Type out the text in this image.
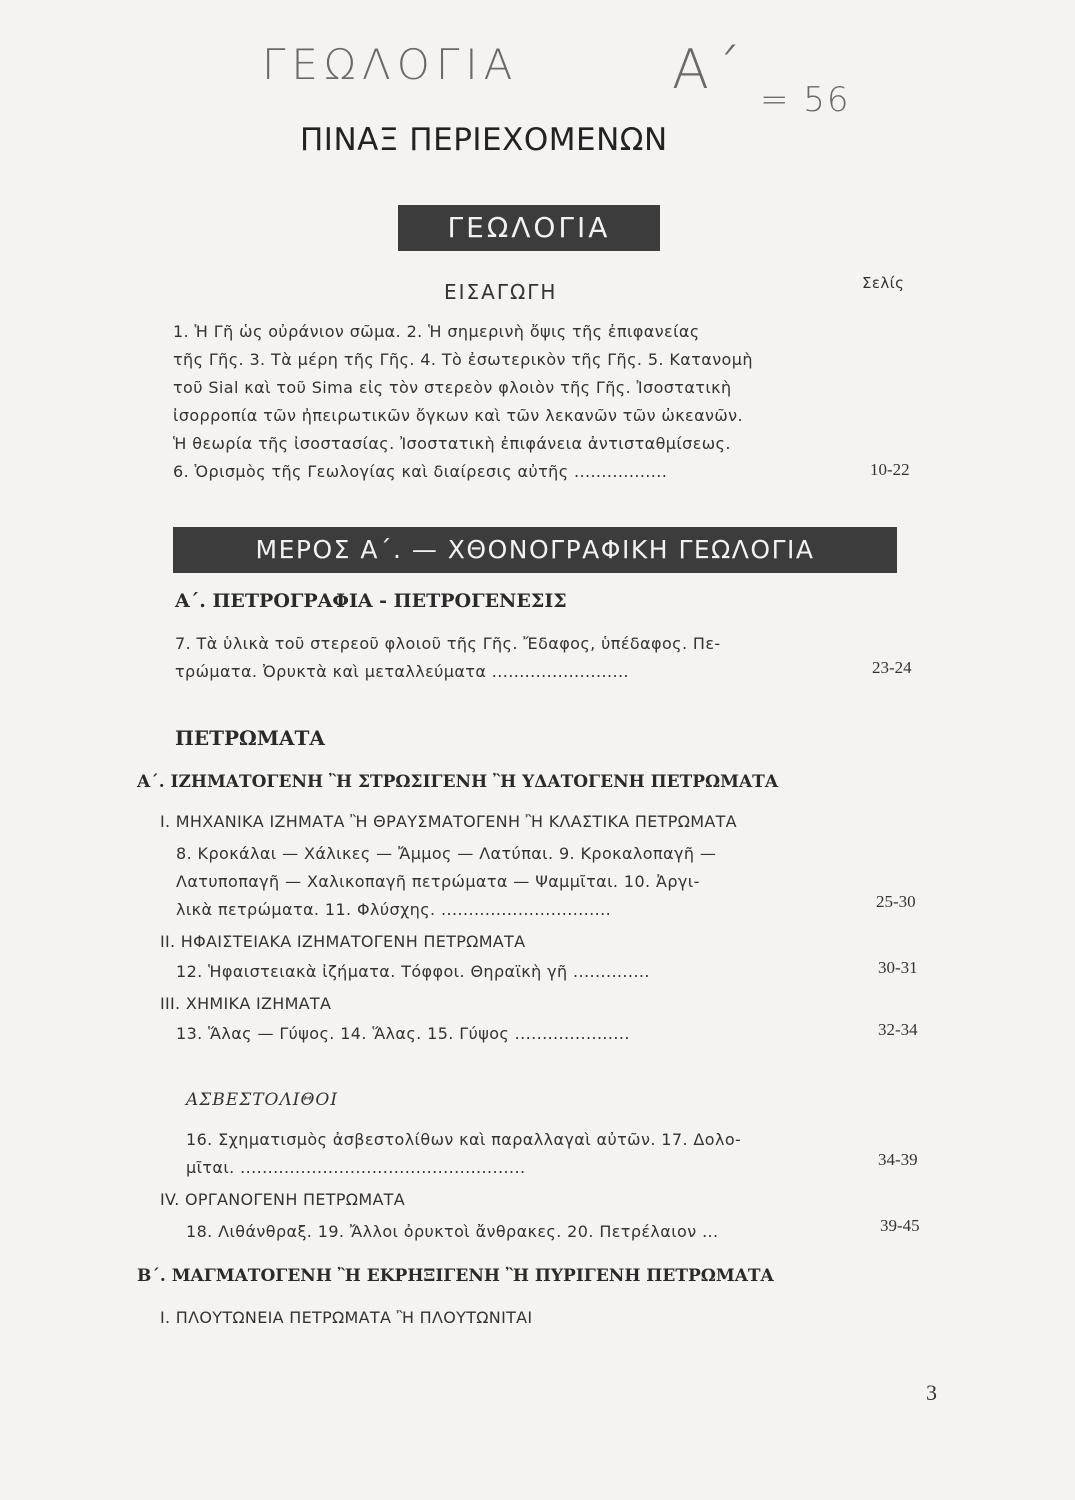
ΓΕΩΛΟΓΙΑ	Α΄ = 56
ΠΙΝΑΞ ΠΕΡΙΕΧΟΜΕΝΩΝ
ΓΕΩΛΟΓΙΑ
ΕΙΣΑΓΩΓΗ	Σελίς
1. Ἡ Γῆ ὡς οὐράνιον σῶμα. 2. Ἡ σημερινὴ ὄψις τῆς ἐπιφανείας
τῆς Γῆς. 3. Τὰ μέρη τῆς Γῆς. 4. Τὸ ἐσωτερικὸν τῆς Γῆς. 5. Κατανομὴ
τοῦ Sial καὶ τοῦ Sima εἰς τὸν στερεὸν φλοιὸν τῆς Γῆς. Ἰσοστατικὴ
ἰσορροπία τῶν ἠπειρωτικῶν ὄγκων καὶ τῶν λεκανῶν τῶν ὠκεανῶν.
Ἡ θεωρία τῆς ἰσοστασίας. Ἰσοστατικὴ ἐπιφάνεια ἀντισταθμίσεως.
6. Ὁρισμὸς τῆς Γεωλογίας καὶ διαίρεσις αὐτῆς .................	10-22
ΜΕΡΟΣ Α΄. — ΧΘΟΝΟΓΡΑΦΙΚΗ ΓΕΩΛΟΓΙΑ
Α΄. ΠΕΤΡΟΓΡΑΦΙΑ - ΠΕΤΡΟΓΕΝΕΣΙΣ
7. Τὰ ὑλικὰ τοῦ στερεοῦ φλοιοῦ τῆς Γῆς. Ἔδαφος, ὑπέδαφος. Πε-
τρώματα. Ὀρυκτὰ καὶ μεταλλεύματα .........................	23-24
ΠΕΤΡΩΜΑΤΑ
Α΄. ΙΖΗΜΑΤΟΓΕΝΗ Ἢ ΣΤΡΩΣΙΓΕΝΗ Ἢ ΥΔΑΤΟΓΕΝΗ ΠΕΤΡΩΜΑΤΑ
Ι. ΜΗΧΑΝΙΚΑ ΙΖΗΜΑΤΑ Ἢ ΘΡΑΥΣΜΑΤΟΓΕΝΗ Ἢ ΚΛΑΣΤΙΚΑ ΠΕΤΡΩΜΑΤΑ
8. Κροκάλαι — Χάλικες — Ἄμμος — Λατύπαι. 9. Κροκαλοπαγῆ —
Λατυποπαγῆ — Χαλικοπαγῆ πετρώματα — Ψαμμῖται. 10. Ἀργι-
λικὰ πετρώματα. 11. Φλύσχης. ...............................	25-30
ΙΙ. ΗΦΑΙΣΤΕΙΑΚΑ ΙΖΗΜΑΤΟΓΕΝΗ ΠΕΤΡΩΜΑΤΑ
12. Ἡφαιστειακὰ ἰζήματα. Τόφφοι. Θηραϊκὴ γῆ ..............	30-31
ΙΙΙ. ΧΗΜΙΚΑ ΙΖΗΜΑΤΑ
13. Ἅλας — Γύψος. 14. Ἅλας. 15. Γύψος .....................	32-34
ΑΣΒΕΣΤΟΛΙΘΟΙ
16. Σχηματισμὸς ἀσβεστολίθων καὶ παραλλαγαὶ αὐτῶν. 17. Δολο-
μῖται. ....................................................	34-39
IV. ΟΡΓΑΝΟΓΕΝΗ ΠΕΤΡΩΜΑΤΑ
18. Λιθάνθραξ. 19. Ἄλλοι ὀρυκτοὶ ἄνθρακες. 20. Πετρέλαιον ...	39-45
Β΄. ΜΑΓΜΑΤΟΓΕΝΗ Ἢ ΕΚΡΗΞΙΓΕΝΗ Ἢ ΠΥΡΙΓΕΝΗ ΠΕΤΡΩΜΑΤΑ
Ι. ΠΛΟΥΤΩΝΕΙΑ ΠΕΤΡΩΜΑΤΑ Ἢ ΠΛΟΥΤΩΝΙΤΑΙ
3
